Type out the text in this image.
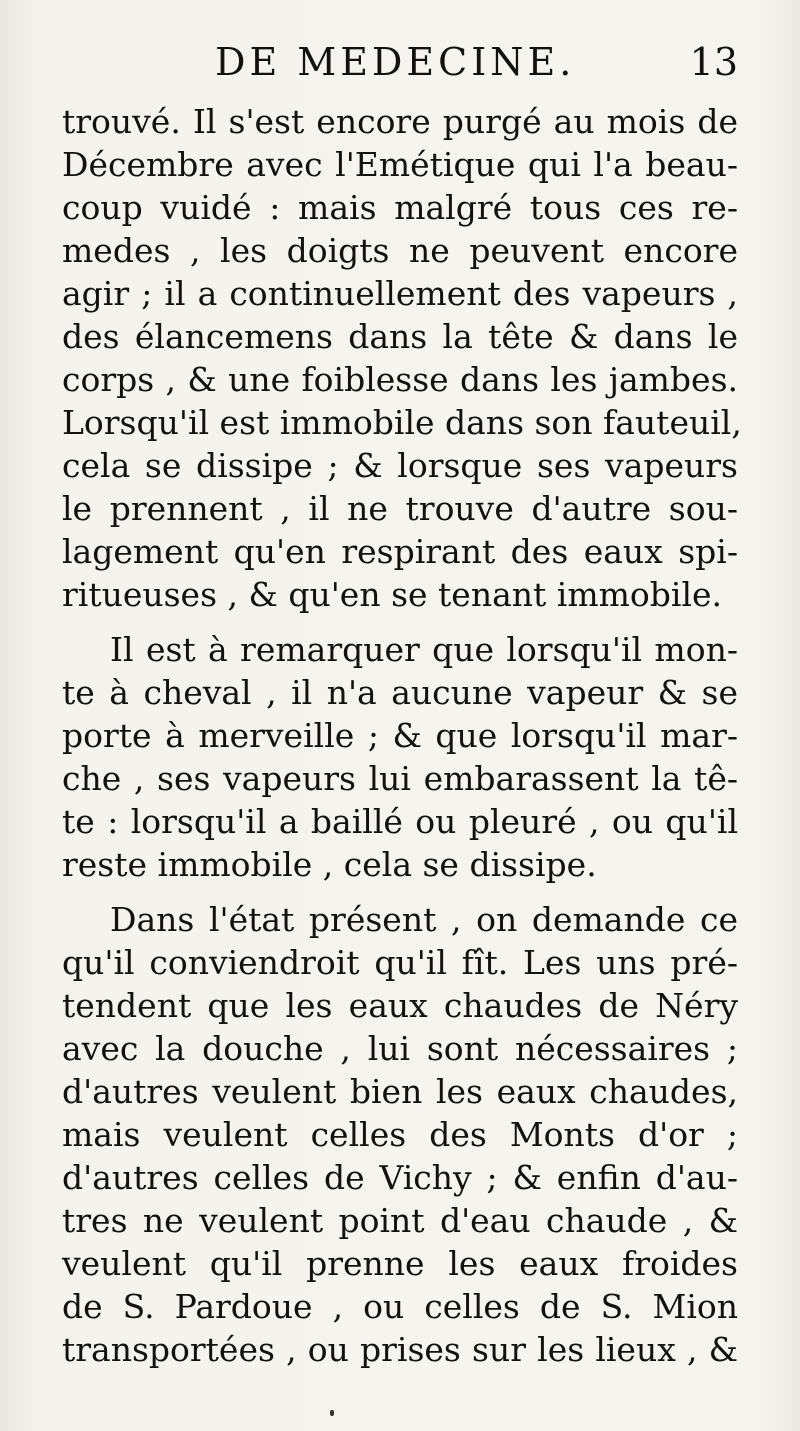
DE MEDECINE.	13
trouvé. Il s'est encore purgé au mois de
Décembre avec l'Emétique qui l'a beau-
coup vuidé : mais malgré tous ces re-
medes , les doigts ne peuvent encore
agir ; il a continuellement des vapeurs ,
des élancemens dans la tête & dans le
corps , & une foiblesse dans les jambes.
Lorsqu'il est immobile dans son fauteuil,
cela se dissipe ; & lorsque ses vapeurs
le prennent , il ne trouve d'autre sou-
lagement qu'en respirant des eaux spi-
ritueuses , & qu'en se tenant immobile.
Il est à remarquer que lorsqu'il mon-
te à cheval , il n'a aucune vapeur & se
porte à merveille ; & que lorsqu'il mar-
che , ses vapeurs lui embarassent la tê-
te : lorsqu'il a baillé ou pleuré , ou qu'il
reste immobile , cela se dissipe.
Dans l'état présent , on demande ce
qu'il conviendroit qu'il fît. Les uns pré-
tendent que les eaux chaudes de Néry
avec la douche , lui sont nécessaires ;
d'autres veulent bien les eaux chaudes,
mais veulent celles des Monts d'or ;
d'autres celles de Vichy ; & enfin d'au-
tres ne veulent point d'eau chaude , &
veulent qu'il prenne les eaux froides
de S. Pardoue , ou celles de S. Mion
transportées , ou prises sur les lieux , &
